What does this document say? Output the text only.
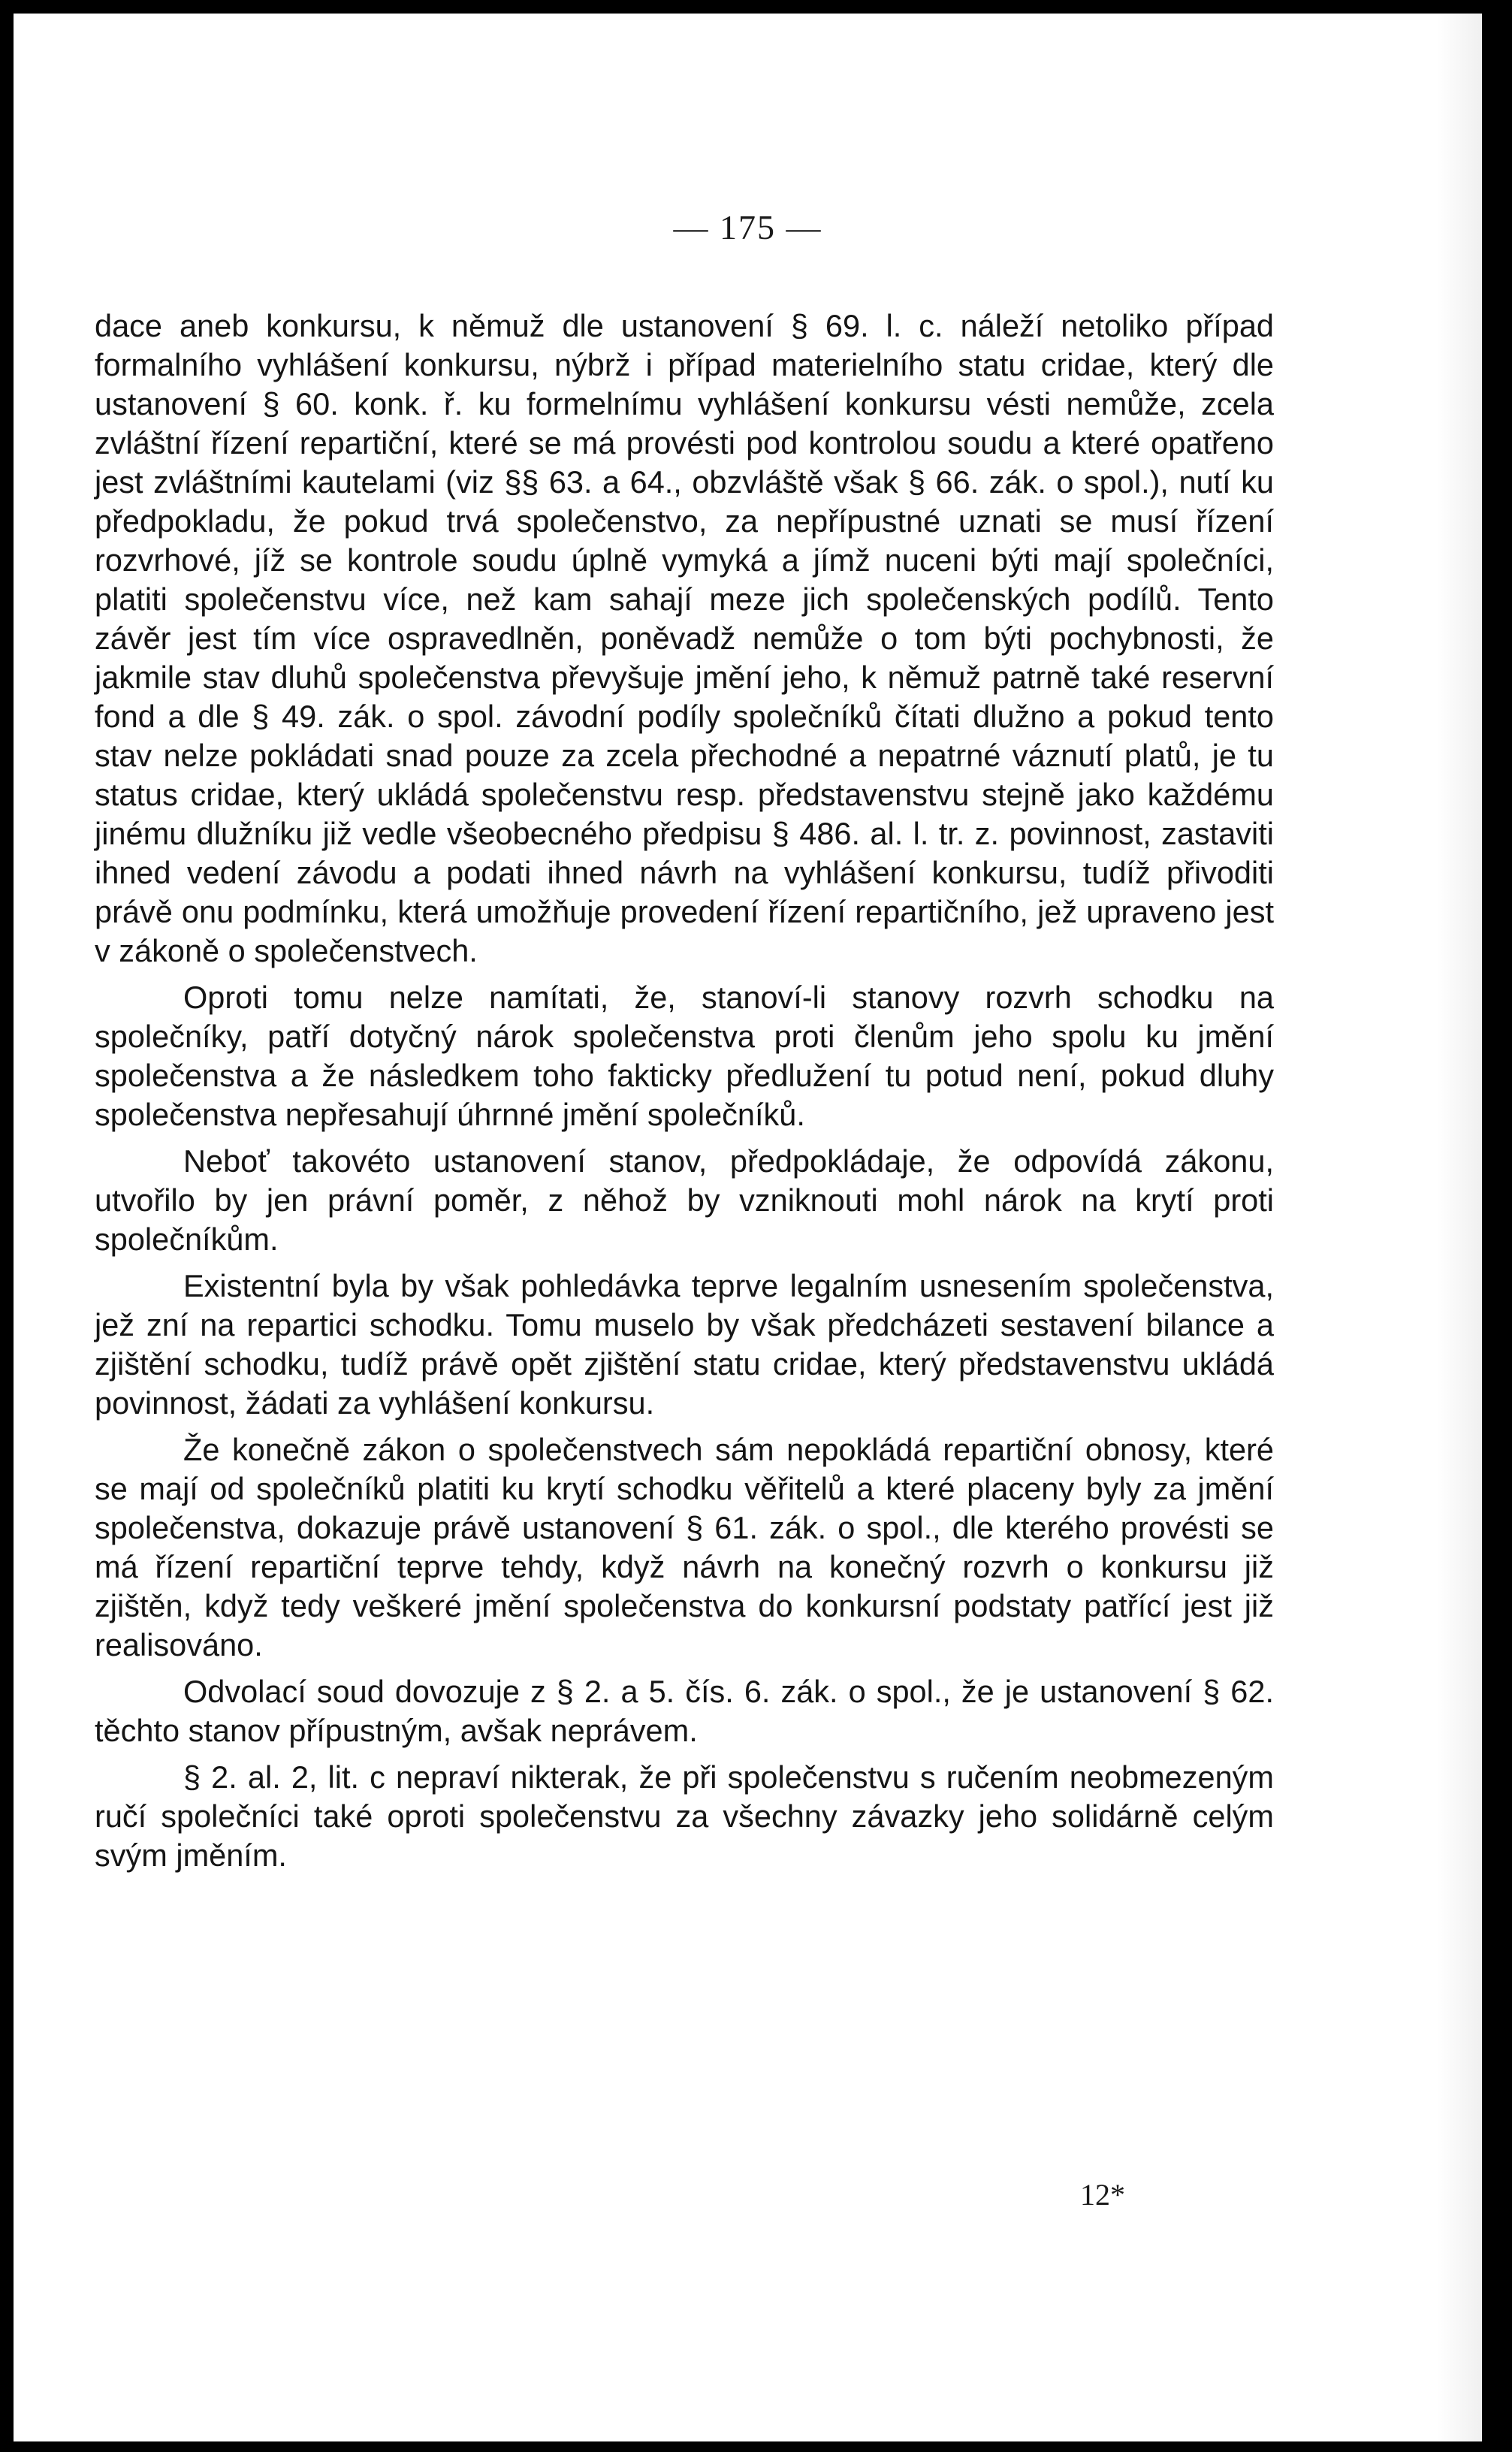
— 175 —

dace aneb konkursu, k němuž dle ustanovení § 69. l. c. náleží netoliko případ formalního vyhlášení konkursu, nýbrž i případ materielního statu cridae, který dle ustanovení § 60. konk. ř. ku formelnímu vyhlášení konkursu vésti nemůže, zcela zvláštní řízení repartiční, které se má provésti pod kontrolou soudu a které opatřeno jest zvláštními kautelami (viz §§ 63. a 64., obzvláště však § 66. zák. o spol.), nutí ku předpokladu, že pokud trvá společenstvo, za nepřípustné uznati se musí řízení rozvrhové, jíž se kontrole soudu úplně vymyká a jímž nuceni býti mají společníci, platiti společenstvu více, než kam sahají meze jich společenských podílů. Tento závěr jest tím více ospravedlněn, poněvadž nemůže o tom býti pochybnosti, že jakmile stav dluhů společenstva převyšuje jmění jeho, k němuž patrně také reservní fond a dle § 49. zák. o spol. závodní podíly společníků čítati dlužno a pokud tento stav nelze pokládati snad pouze za zcela přechodné a nepatrné váznutí platů, je tu status cridae, který ukládá společenstvu resp. představenstvu stejně jako každému jinému dlužníku již vedle všeobecného předpisu § 486. al. l. tr. z. povinnost, zastaviti ihned vedení závodu a podati ihned návrh na vyhlášení konkursu, tudíž přivoditi právě onu podmínku, která umožňuje provedení řízení repartičního, jež upraveno jest v zákoně o společenstvech.

Oproti tomu nelze namítati, že, stanoví-li stanovy rozvrh schodku na společníky, patří dotyčný nárok společenstva proti členům jeho spolu ku jmění společenstva a že následkem toho fakticky předlužení tu potud není, pokud dluhy společenstva nepřesahují úhrnné jmění společníků.

Neboť takovéto ustanovení stanov, předpokládaje, že odpovídá zákonu, utvořilo by jen právní poměr, z něhož by vzniknouti mohl nárok na krytí proti společníkům.

Existentní byla by však pohledávka teprve legalním usnesením společenstva, jež zní na repartici schodku. Tomu muselo by však předcházeti sestavení bilance a zjištění schodku, tudíž právě opět zjištění statu cridae, který představenstvu ukládá povinnost, žádati za vyhlášení konkursu.

Že konečně zákon o společenstvech sám nepokládá repartiční obnosy, které se mají od společníků platiti ku krytí schodku věřitelů a které placeny byly za jmění společenstva, dokazuje právě ustanovení § 61. zák. o spol., dle kterého provésti se má řízení repartiční teprve tehdy, když návrh na konečný rozvrh o konkursu již zjištěn, když tedy veškeré jmění společenstva do konkursní podstaty patřící jest již realisováno.

Odvolací soud dovozuje z § 2. a 5. čís. 6. zák. o spol., že je ustanovení § 62. těchto stanov přípustným, avšak neprávem.

§ 2. al. 2, lit. c nepraví nikterak, že při společenstvu s ručením neobmezeným ručí společníci také oproti společenstvu za všechny závazky jeho solidárně celým svým jměním.

12*
